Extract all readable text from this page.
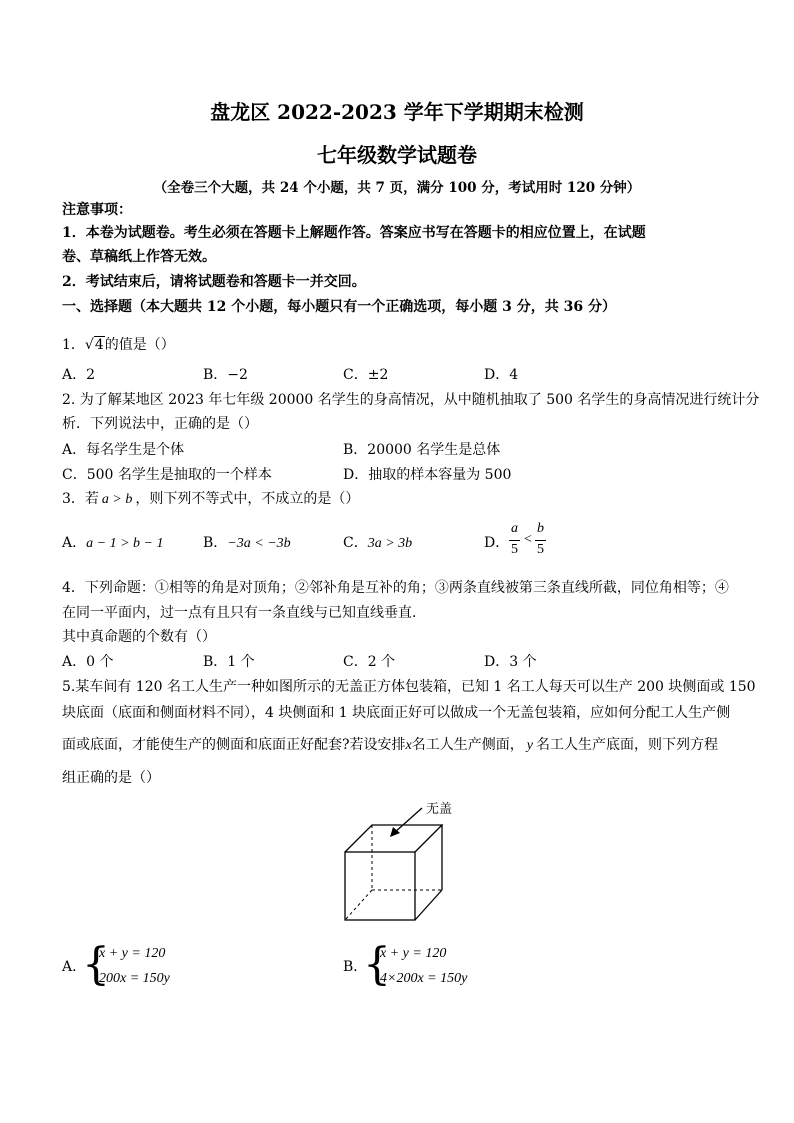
盘龙区 2022-2023 学年下学期期末检测
七年级数学试题卷
（全卷三个大题，共 24 个小题，共 7 页，满分 100 分，考试用时 120 分钟）
注意事项：
1．本卷为试题卷。考生必须在答题卡上解题作答。答案应书写在答题卡的相应位置上，在试题
卷、草稿纸上作答无效。
2．考试结束后，请将试题卷和答题卡一并交回。
一、选择题（本大题共 12 个小题，每小题只有一个正确选项，每小题 3 分，共 36 分）
1．√4的值是（）
A．2	B．−2	C．±2	D．4
2. 为了解某地区 2023 年七年级 20000 名学生的身高情况，从中随机抽取了 500 名学生的身高情况进行统计分
析．下列说法中，正确的是（）
A．每名学生是个体	B．20000 名学生是总体
C．500 名学生是抽取的一个样本	D．抽取的样本容量为 500
3．若 a > b ，则下列不等式中，不成立的是（）
A．a − 1 > b − 1	B．−3a < −3b	C．3a > 3b	D．
a
5
<
b
5
4．下列命题：①相等的角是对顶角；②邻补角是互补的角；③两条直线被第三条直线所截，同位角相等；④
在同一平面内，过一点有且只有一条直线与已知直线垂直．
其中真命题的个数有（）
A．0 个	B．1 个	C．2 个	D．3 个
5.某车间有 120 名工人生产一种如图所示的无盖正方体包装箱，已知 1 名工人每天可以生产 200 块侧面或 150
块底面（底面和侧面材料不同），4 块侧面和 1 块底面正好可以做成一个无盖包装箱，应如何分配工人生产侧
面或底面，才能使生产的侧面和底面正好配套?若设安排x名工人生产侧面， y 名工人生产底面，则下列方程
组正确的是（）
无盖
A．
{
x + y = 120
200x = 150y
B．
{
x + y = 120
4×200x = 150y
